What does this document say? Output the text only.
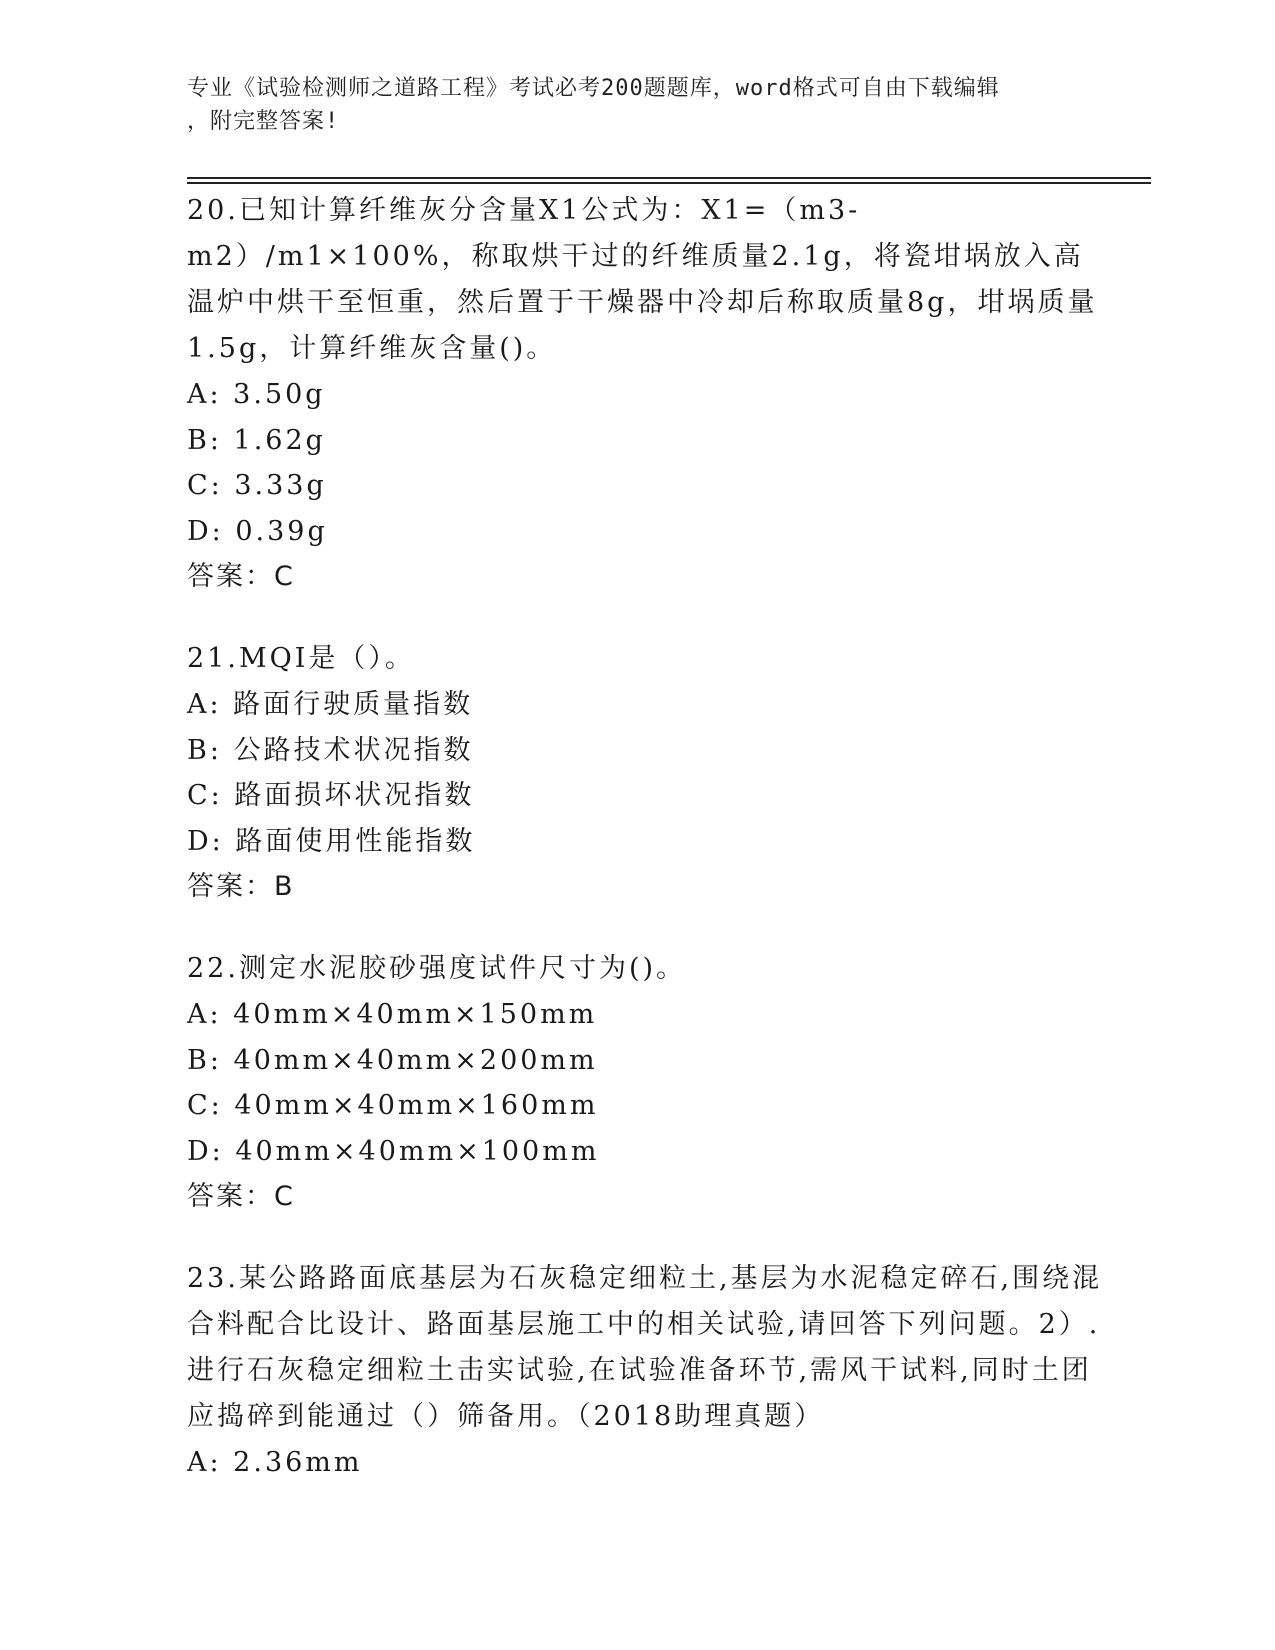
专业《试验检测师之道路工程》考试必考200题题库，word格式可自由下载编辑
，附完整答案!

20.已知计算纤维灰分含量X1公式为：X1=（m3-m2）/m1×100%，称取烘干过的纤维质量2.1g，将瓷坩埚放入高温炉中烘干至恒重，然后置于干燥器中冷却后称取质量8g，坩埚质量1.5g，计算纤维灰含量()。

A: 3.50g

B: 1.62g

C: 3.33g

D: 0.39g

答案：C

21.MQI是（）。

A: 路面行驶质量指数

B: 公路技术状况指数

C: 路面损坏状况指数

D: 路面使用性能指数

答案：B

22.测定水泥胶砂强度试件尺寸为()。

A: 40mm×40mm×150mm

B: 40mm×40mm×200mm

C: 40mm×40mm×160mm

D: 40mm×40mm×100mm

答案：C

23.某公路路面底基层为石灰稳定细粒土,基层为水泥稳定碎石,围绕混合料配合比设计、路面基层施工中的相关试验,请回答下列问题。2）.进行石灰稳定细粒土击实试验,在试验准备环节,需风干试料,同时土团应捣碎到能通过（）筛备用。（2018助理真题）

A: 2.36mm
